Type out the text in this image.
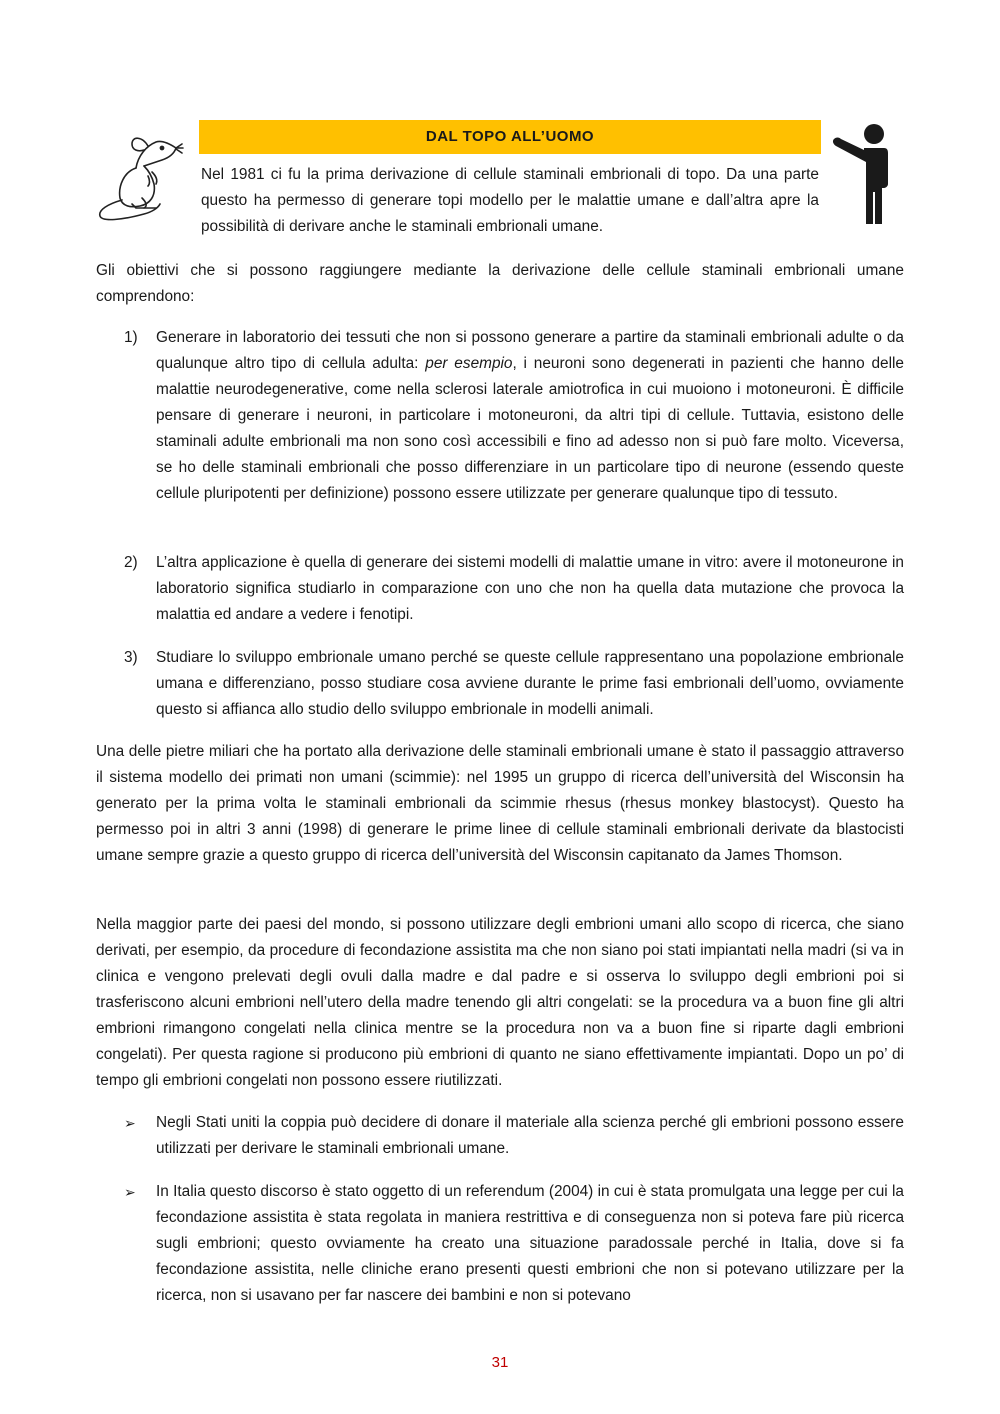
DAL TOPO ALL’UOMO
Nel 1981 ci fu la prima derivazione di cellule staminali embrionali di topo. Da una parte questo ha permesso di generare topi modello per le malattie umane e dall’altra apre la possibilità di derivare anche le staminali embrionali umane.

Gli obiettivi che si possono raggiungere mediante la derivazione delle cellule staminali embrionali umane comprendono:

1) Generare in laboratorio dei tessuti che non si possono generare a partire da staminali embrionali adulte o da qualunque altro tipo di cellula adulta: per esempio, i neuroni sono degenerati in pazienti che hanno delle malattie neurodegenerative, come nella sclerosi laterale amiotrofica in cui muoiono i motoneuroni. È difficile pensare di generare i neuroni, in particolare i motoneuroni, da altri tipi di cellule. Tuttavia, esistono delle staminali adulte embrionali ma non sono così accessibili e fino ad adesso non si può fare molto. Viceversa, se ho delle staminali embrionali che posso differenziare in un particolare tipo di neurone (essendo queste cellule pluripotenti per definizione) possono essere utilizzate per generare qualunque tipo di tessuto.

2) L’altra applicazione è quella di generare dei sistemi modelli di malattie umane in vitro: avere il motoneurone in laboratorio significa studiarlo in comparazione con uno che non ha quella data mutazione che provoca la malattia ed andare a vedere i fenotipi.

3) Studiare lo sviluppo embrionale umano perché se queste cellule rappresentano una popolazione embrionale umana e differenziano, posso studiare cosa avviene durante le prime fasi embrionali dell’uomo, ovviamente questo si affianca allo studio dello sviluppo embrionale in modelli animali.

Una delle pietre miliari che ha portato alla derivazione delle staminali embrionali umane è stato il passaggio attraverso il sistema modello dei primati non umani (scimmie): nel 1995 un gruppo di ricerca dell’università del Wisconsin ha generato per la prima volta le staminali embrionali da scimmie rhesus (rhesus monkey blastocyst). Questo ha permesso poi in altri 3 anni (1998) di generare le prime linee di cellule staminali embrionali derivate da blastocisti umane sempre grazie a questo gruppo di ricerca dell’università del Wisconsin capitanato da James Thomson.

Nella maggior parte dei paesi del mondo, si possono utilizzare degli embrioni umani allo scopo di ricerca, che siano derivati, per esempio, da procedure di fecondazione assistita ma che non siano poi stati impiantati nella madri (si va in clinica e vengono prelevati degli ovuli dalla madre e dal padre e si osserva lo sviluppo degli embrioni poi si trasferiscono alcuni embrioni nell’utero della madre tenendo gli altri congelati: se la procedura va a buon fine gli altri embrioni rimangono congelati nella clinica mentre se la procedura non va a buon fine si riparte dagli embrioni congelati). Per questa ragione si producono più embrioni di quanto ne siano effettivamente impiantati. Dopo un po’ di tempo gli embrioni congelati non possono essere riutilizzati.

➢ Negli Stati uniti la coppia può decidere di donare il materiale alla scienza perché gli embrioni possono essere utilizzati per derivare le staminali embrionali umane.

➢ In Italia questo discorso è stato oggetto di un referendum (2004) in cui è stata promulgata una legge per cui la fecondazione assistita è stata regolata in maniera restrittiva e di conseguenza non si poteva fare più ricerca sugli embrioni; questo ovviamente ha creato una situazione paradossale perché in Italia, dove si fa fecondazione assistita, nelle cliniche erano presenti questi embrioni che non si potevano utilizzare per la ricerca, non si usavano per far nascere dei bambini e non si potevano

31
